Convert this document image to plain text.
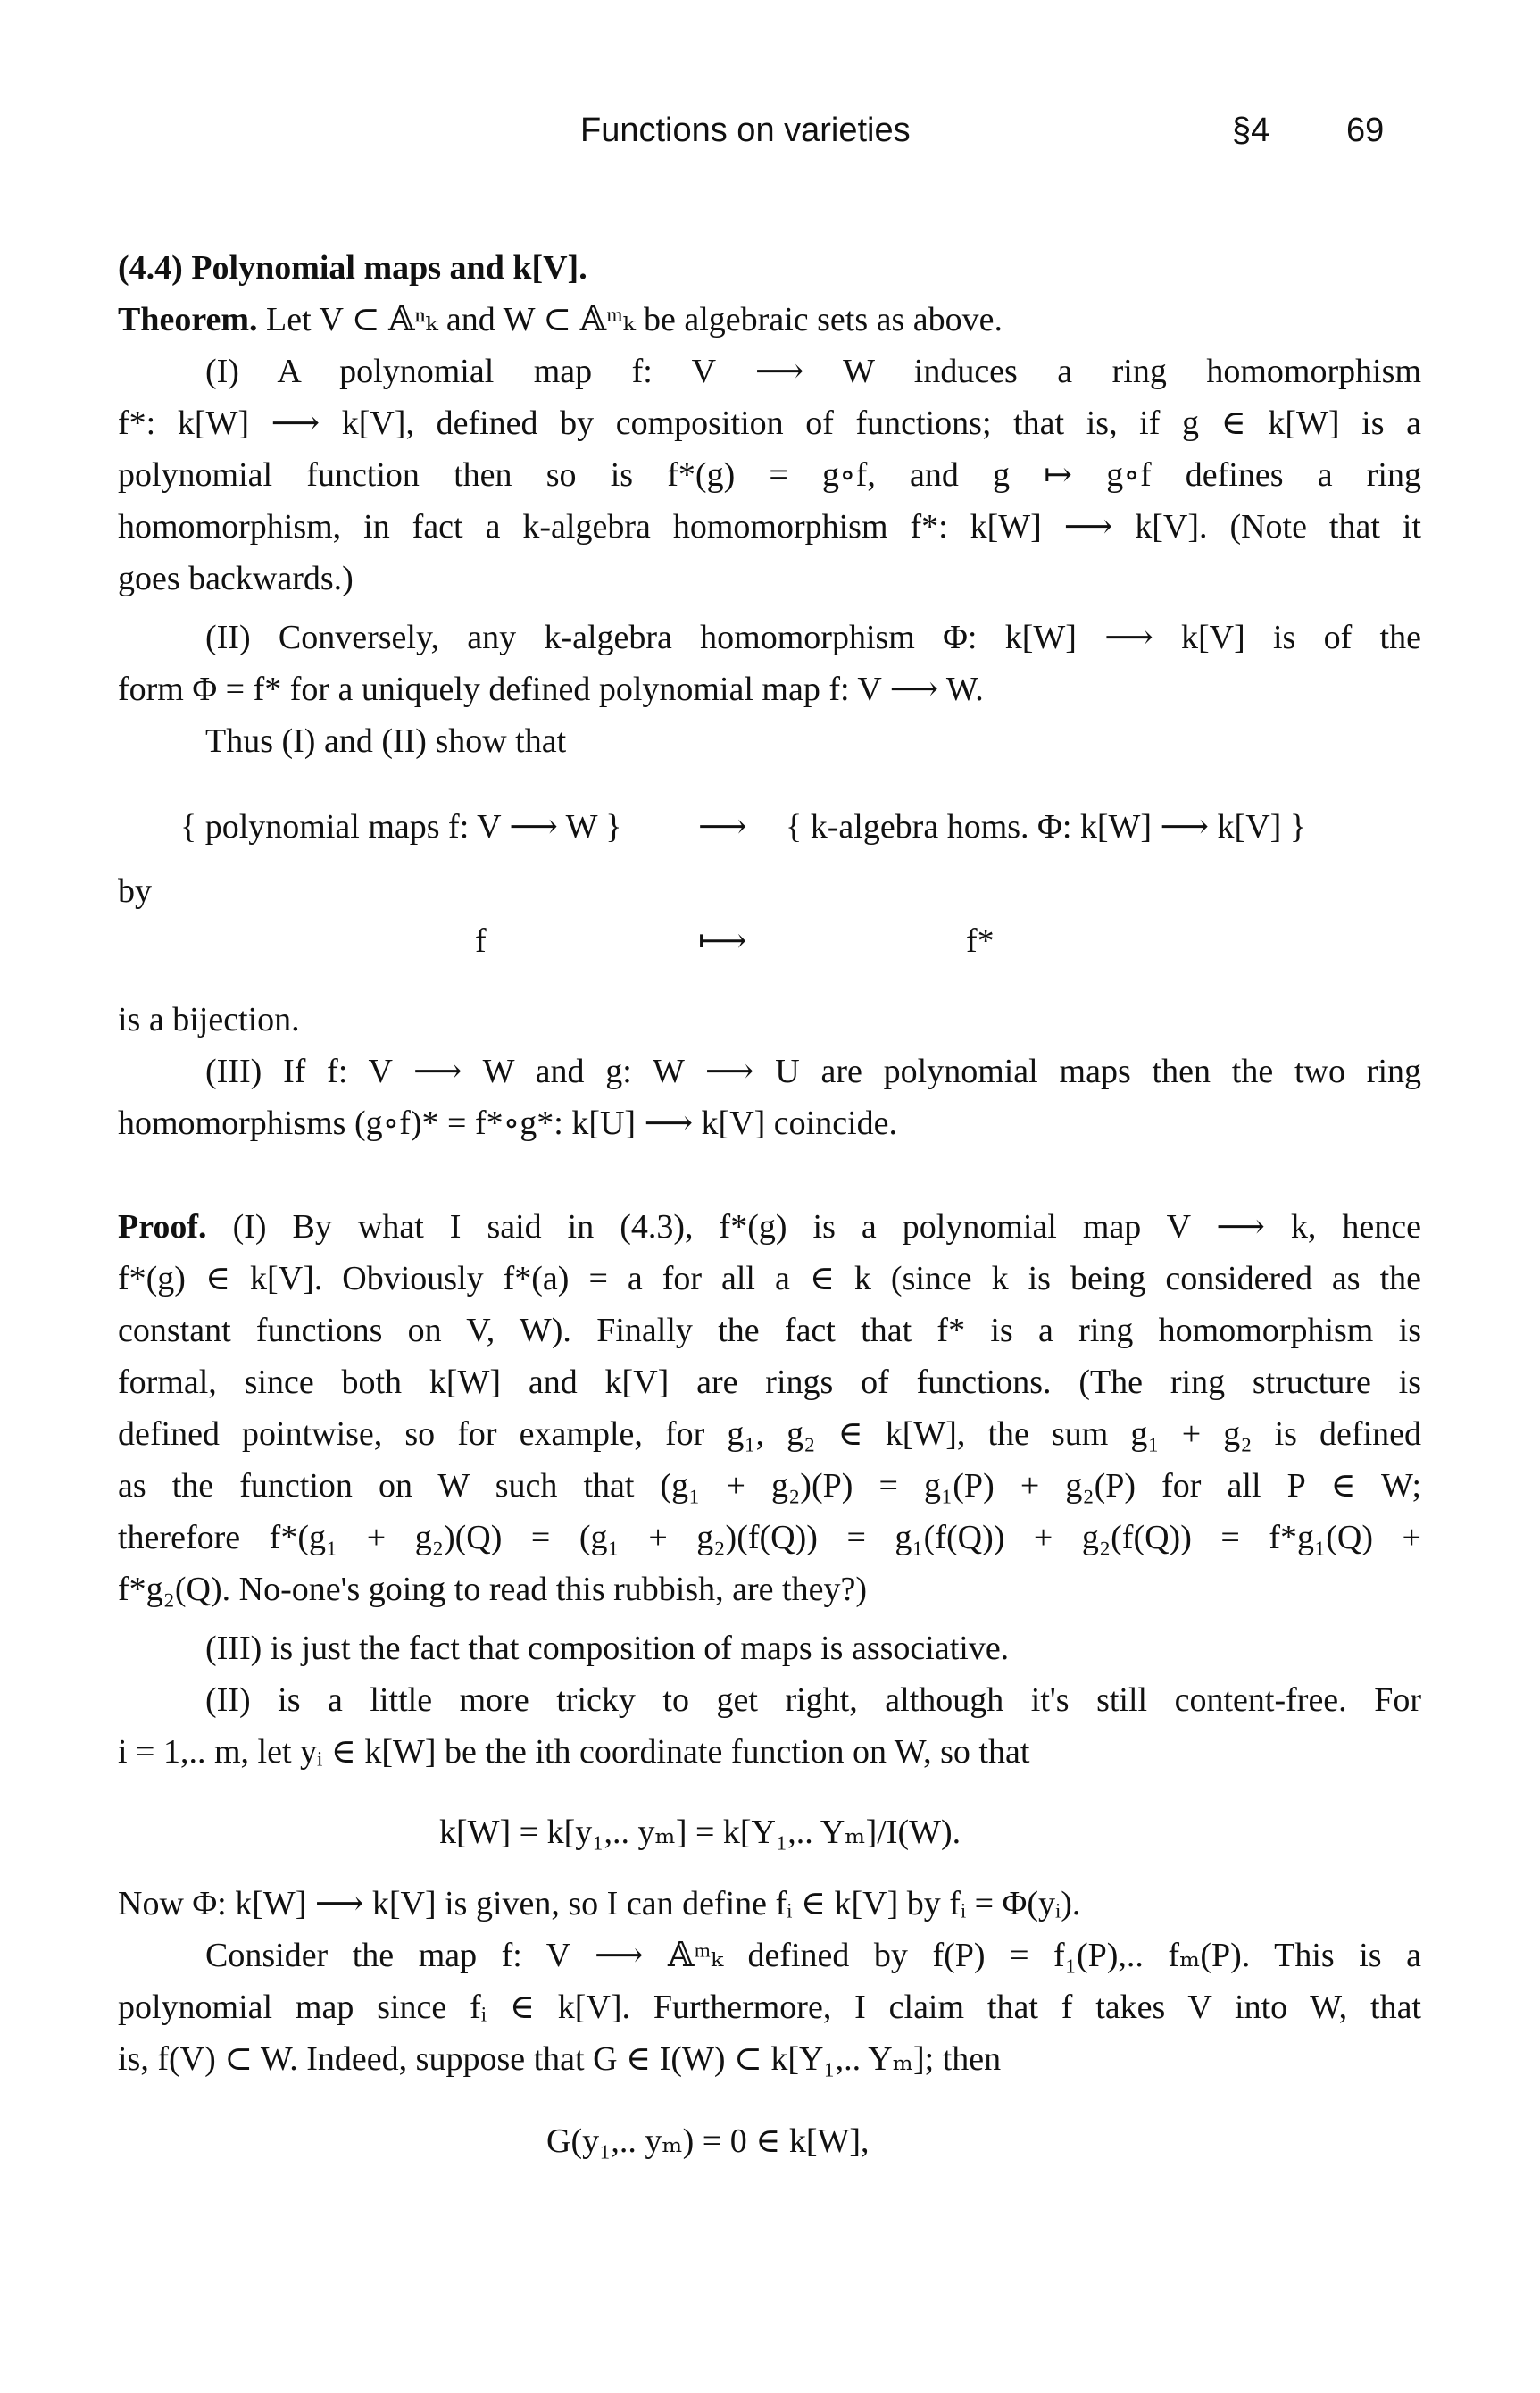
Functions on varieties	§4 69
(4.4) Polynomial maps and k[V].
Theorem. Let V ⊂ 𝔸ⁿₖ and W ⊂ 𝔸ᵐₖ be algebraic sets as above.
(I) A polynomial map f: V ⟶ W induces a ring homomorphism
f*: k[W] ⟶ k[V], defined by composition of functions; that is, if g ∈ k[W] is a
polynomial function then so is f*(g) = g∘f, and g ↦ g∘f defines a ring
homomorphism, in fact a k-algebra homomorphism f*: k[W] ⟶ k[V]. (Note that it
goes backwards.)
(II) Conversely, any k-algebra homomorphism Φ: k[W] ⟶ k[V] is of the
form Φ = f* for a uniquely defined polynomial map f: V ⟶ W.
Thus (I) and (II) show that
{ polynomial maps f: V ⟶ W } ⟶ { k-algebra homs. Φ: k[W] ⟶ k[V] }
by
f	⟼	f*
is a bijection.
(III) If f: V ⟶ W and g: W ⟶ U are polynomial maps then the two ring
homomorphisms (g∘f)* = f*∘g*: k[U] ⟶ k[V] coincide.
Proof. (I) By what I said in (4.3), f*(g) is a polynomial map V ⟶ k, hence
f*(g) ∈ k[V]. Obviously f*(a) = a for all a ∈ k (since k is being considered as the
constant functions on V, W). Finally the fact that f* is a ring homomorphism is
formal, since both k[W] and k[V] are rings of functions. (The ring structure is
defined pointwise, so for example, for g₁, g₂ ∈ k[W], the sum g₁ + g₂ is defined
as the function on W such that (g₁ + g₂)(P) = g₁(P) + g₂(P) for all P ∈ W;
therefore f*(g₁ + g₂)(Q) = (g₁ + g₂)(f(Q)) = g₁(f(Q)) + g₂(f(Q)) = f*g₁(Q) +
f*g₂(Q). No-one's going to read this rubbish, are they?)
(III) is just the fact that composition of maps is associative.
(II) is a little more tricky to get right, although it's still content-free. For
i = 1,.. m, let yᵢ ∈ k[W] be the ith coordinate function on W, so that
k[W] = k[y₁,.. yₘ] = k[Y₁,.. Yₘ]/I(W).
Now Φ: k[W] ⟶ k[V] is given, so I can define fᵢ ∈ k[V] by fᵢ = Φ(yᵢ).
Consider the map f: V ⟶ 𝔸ᵐₖ defined by f(P) = f₁(P),.. fₘ(P). This is a
polynomial map since fᵢ ∈ k[V]. Furthermore, I claim that f takes V into W, that
is, f(V) ⊂ W. Indeed, suppose that G ∈ I(W) ⊂ k[Y₁,.. Yₘ]; then
G(y₁,.. yₘ) = 0 ∈ k[W],
